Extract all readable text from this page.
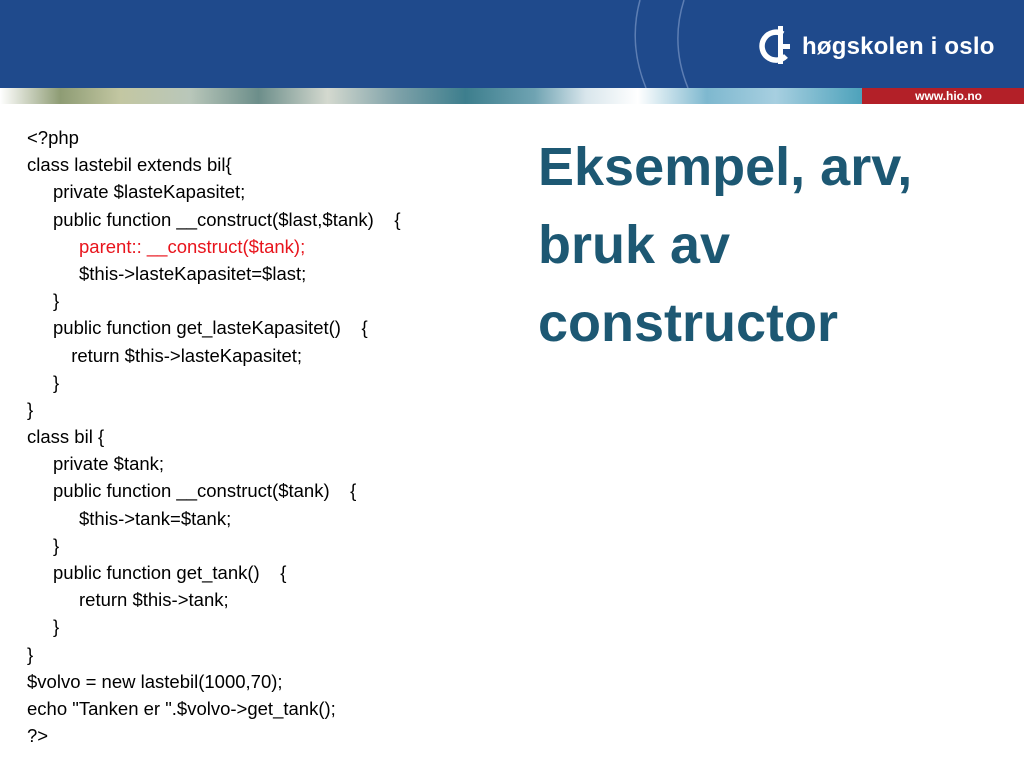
høgskolen i oslo
www.hio.no
<?php
class lastebil extends bil{
private $lasteKapasitet;
public function __construct($last,$tank)    {
parent:: __construct($tank);
$this->lasteKapasitet=$last;
}
public function get_lasteKapasitet()    {
return $this->lasteKapasitet;
}
}
class bil {
private $tank;
public function __construct($tank)    {
$this->tank=$tank;
}
public function get_tank()    {
return $this->tank;
}
}
$volvo = new lastebil(1000,70);
echo "Tanken er ".$volvo->get_tank();
?>
Eksempel, arv,
bruk av
constructor
